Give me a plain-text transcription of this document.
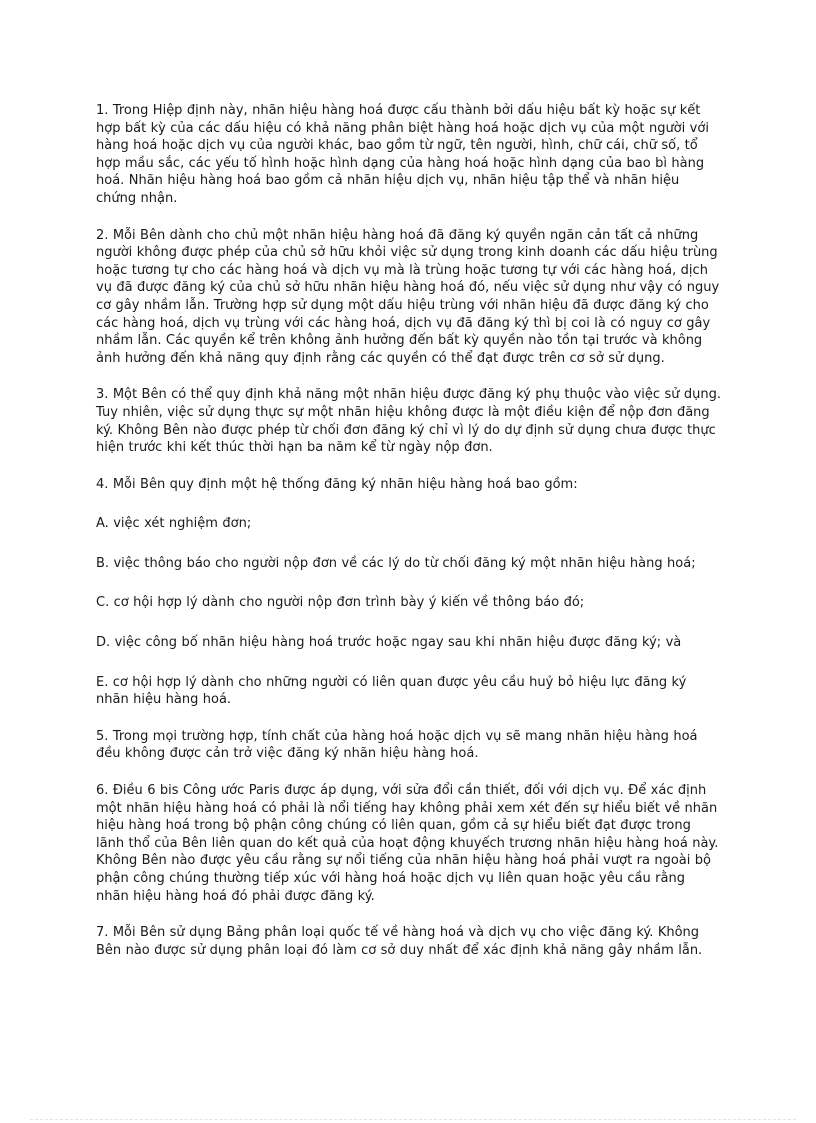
1. Trong Hiệp định này, nhãn hiệu hàng hoá được cấu thành bởi dấu hiệu bất kỳ hoặc sự kết hợp bất kỳ của các dấu hiệu có khả năng phân biệt hàng hoá hoặc dịch vụ của một người với hàng hoá hoặc dịch vụ của người khác, bao gồm từ ngữ, tên người, hình, chữ cái, chữ số, tổ hợp mầu sắc, các yếu tố hình hoặc hình dạng của hàng hoá hoặc hình dạng của bao bì hàng hoá. Nhãn hiệu hàng hoá bao gồm cả nhãn hiệu dịch vụ, nhãn hiệu tập thể và nhãn hiệu chứng nhận.

2. Mỗi Bên dành cho chủ một nhãn hiệu hàng hoá đã đăng ký quyền ngăn cản tất cả những người không được phép của chủ sở hữu khỏi việc sử dụng trong kinh doanh các dấu hiệu trùng hoặc tương tự cho các hàng hoá và dịch vụ mà là trùng hoặc tương tự với các hàng hoá, dịch vụ đã được đăng ký của chủ sở hữu nhãn hiệu hàng hoá đó, nếu việc sử dụng như vậy có nguy cơ gây nhầm lẫn. Trường hợp sử dụng một dấu hiệu trùng với nhãn hiệu đã được đăng ký cho các hàng hoá, dịch vụ trùng với các hàng hoá, dịch vụ đã đăng ký thì bị coi là có nguy cơ gây nhầm lẫn. Các quyền kể trên không ảnh hưởng đến bất kỳ quyền nào tồn tại trước và không ảnh hưởng đến khả năng quy định rằng các quyền có thể đạt được trên cơ sở sử dụng.

3. Một Bên có thể quy định khả năng một nhãn hiệu được đăng ký phụ thuộc vào việc sử dụng. Tuy nhiên, việc sử dụng thực sự một nhãn hiệu không được là một điều kiện để nộp đơn đăng ký. Không Bên nào được phép từ chối đơn đăng ký chỉ vì lý do dự định sử dụng chưa được thực hiện trước khi kết thúc thời hạn ba năm kể từ ngày nộp đơn.

4. Mỗi Bên quy định một hệ thống đăng ký nhãn hiệu hàng hoá bao gồm:

A. việc xét nghiệm đơn;

B. việc thông báo cho người nộp đơn về các lý do từ chối đăng ký một nhãn hiệu hàng hoá;

C. cơ hội hợp lý dành cho người nộp đơn trình bày ý kiến về thông báo đó;

D. việc công bố nhãn hiệu hàng hoá trước hoặc ngay sau khi nhãn hiệu được đăng ký; và

E. cơ hội hợp lý dành cho những người có liên quan được yêu cầu huỷ bỏ hiệu lực đăng ký nhãn hiệu hàng hoá.

5. Trong mọi trường hợp, tính chất của hàng hoá hoặc dịch vụ sẽ mang nhãn hiệu hàng hoá đều không được cản trở việc đăng ký nhãn hiệu hàng hoá.

6. Điều 6 bis Công ước Paris được áp dụng, với sửa đổi cần thiết, đối với dịch vụ. Để xác định một nhãn hiệu hàng hoá có phải là nổi tiếng hay không phải xem xét đến sự hiểu biết về nhãn hiệu hàng hoá trong bộ phận công chúng có liên quan, gồm cả sự hiểu biết đạt được trong lãnh thổ của Bên liên quan do kết quả của hoạt động khuyếch trương nhãn hiệu hàng hoá này. Không Bên nào được yêu cầu rằng sự nổi tiếng của nhãn hiệu hàng hoá phải vượt ra ngoài bộ phận công chúng thường tiếp xúc với hàng hoá hoặc dịch vụ liên quan hoặc yêu cầu rằng nhãn hiệu hàng hoá đó phải được đăng ký.

7. Mỗi Bên sử dụng Bảng phân loại quốc tế về hàng hoá và dịch vụ cho việc đăng ký. Không Bên nào được sử dụng phân loại đó làm cơ sở duy nhất để xác định khả năng gây nhầm lẫn.
